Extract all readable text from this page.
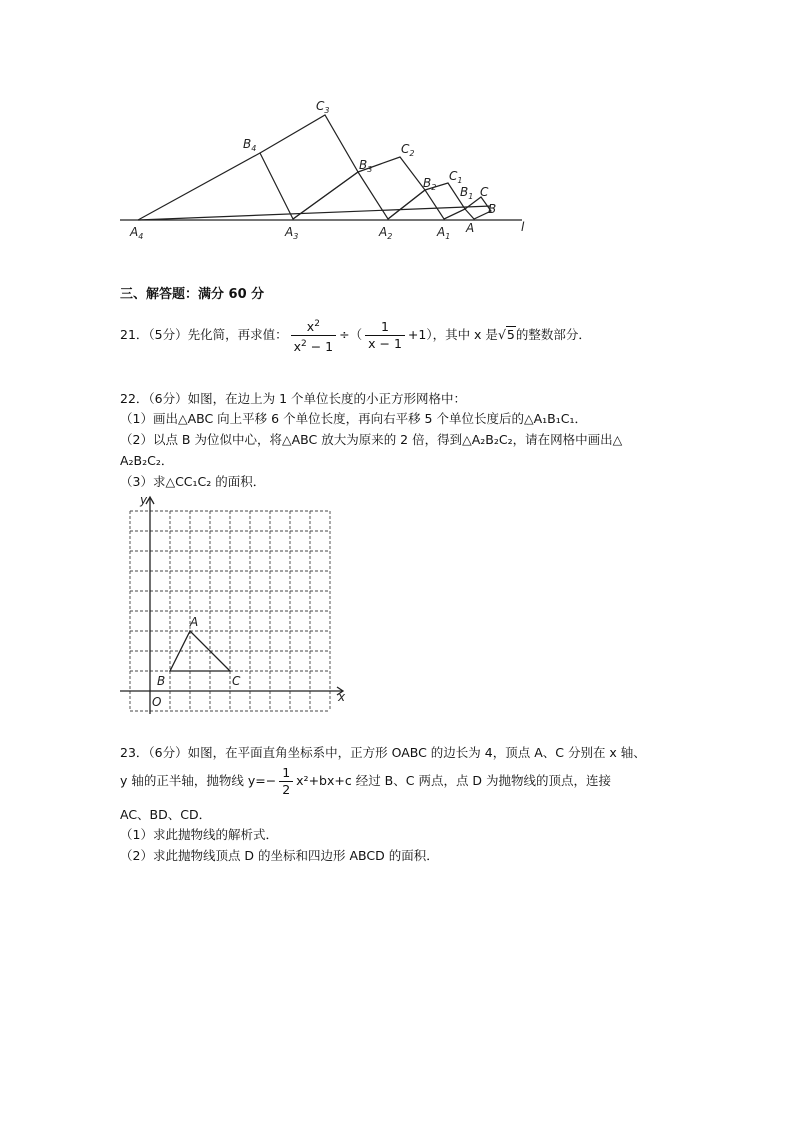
$A_4$	$A_3$	$A_2$	$A_1$
A
B
C
$B_1$
$C_1$
$B_2$
$C_2$
$B_3$
$C_3$
$B_4$
l
三、解答题：满分 60 分
21．（5分）先化简，再求值： $\frac{x^2}{x^2 - 1}$ ÷（ $\frac{1}{x - 1} +1$），其中 x 是√5的整数部分．
22．（6分）如图，在边上为 1 个单位长度的小正方形网格中：
（1）画出△ABC 向上平移 6 个单位长度，再向右平移 5 个单位长度后的△A₁B₁C₁．
（2）以点 B 为位似中心，将△ABC 放大为原来的 2 倍，得到△A₂B₂C₂，请在网格中画出△
A₂B₂C₂．
（3）求△CC₁C₂ 的面积．
y
x
A
B	C
O
23．（6分）如图，在平面直角坐标系中，正方形 OABC 的边长为 4，顶点 A、C 分别在 x 轴、
y 轴的正半轴，抛物线 $y=- \frac{1}{2} x^2+bx+c$ 经过 B、C 两点，点 D 为抛物线的顶点，连接
AC、BD、CD．
（1）求此抛物线的解析式．
（2）求此抛物线顶点 D 的坐标和四边形 ABCD 的面积．
